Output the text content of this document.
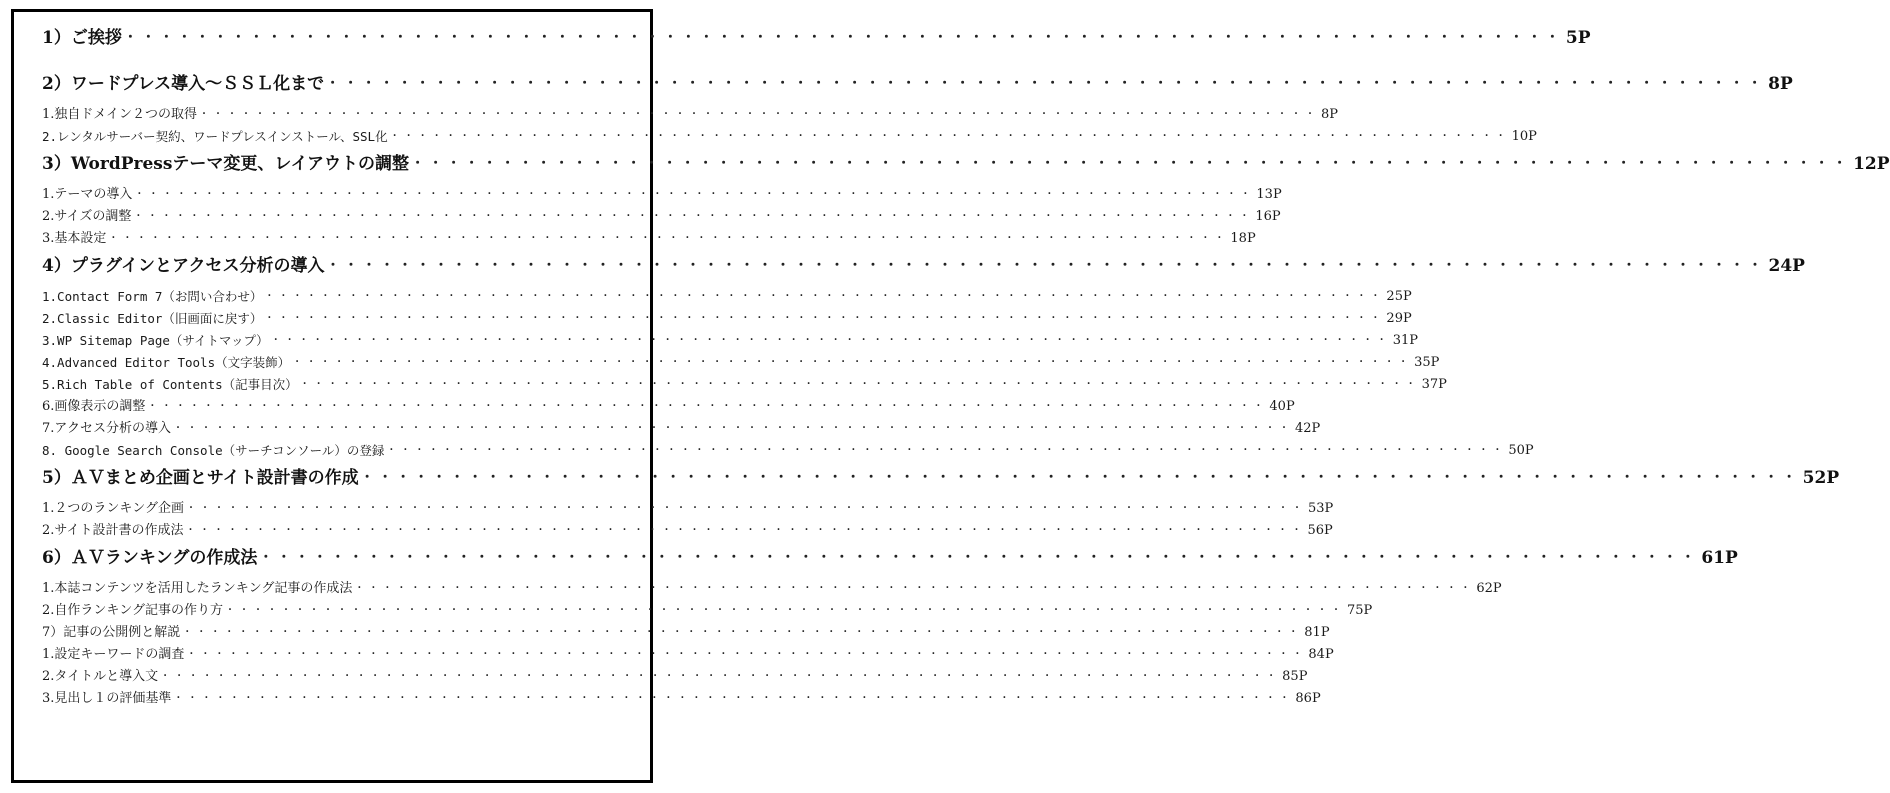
1）ご挨拶 ・・・・・・・・・・・・・・・・・・・・・・・・・・・・・・・・・・・・・・・・・・・・・・・・・・・・・・・・・・・・・・・・・・・・・・・・・・・・・・・・ 5P
2）ワードプレス導入～ＳＳＬ化まで ・・・・・・・・・・・・・・・・・・・・・・・・・・・・・・・・・・・・・・・・・・・・・・・・・・・・・・・・・・・・・・・・・・・・・・・・・・・・・・・・ 8P
1.独自ドメイン２つの取得 ・・・・・・・・・・・・・・・・・・・・・・・・・・・・・・・・・・・・・・・・・・・・・・・・・・・・・・・・・・・・・・・・・・・・・・・・・・・・・・・・ 8P
2.レンタルサーバー契約、ワードプレスインストール、SSL化 ・・・・・・・・・・・・・・・・・・・・・・・・・・・・・・・・・・・・・・・・・・・・・・・・・・・・・・・・・・・・・・・・・・・・・・・・・・・・・・・・ 10P
3）WordPressテーマ変更、レイアウトの調整 ・・・・・・・・・・・・・・・・・・・・・・・・・・・・・・・・・・・・・・・・・・・・・・・・・・・・・・・・・・・・・・・・・・・・・・・・・・・・・・・・ 12P
1.テーマの導入 ・・・・・・・・・・・・・・・・・・・・・・・・・・・・・・・・・・・・・・・・・・・・・・・・・・・・・・・・・・・・・・・・・・・・・・・・・・・・・・・・ 13P
2.サイズの調整 ・・・・・・・・・・・・・・・・・・・・・・・・・・・・・・・・・・・・・・・・・・・・・・・・・・・・・・・・・・・・・・・・・・・・・・・・・・・・・・・・ 16P
3.基本設定 ・・・・・・・・・・・・・・・・・・・・・・・・・・・・・・・・・・・・・・・・・・・・・・・・・・・・・・・・・・・・・・・・・・・・・・・・・・・・・・・・ 18P
4）プラグインとアクセス分析の導入 ・・・・・・・・・・・・・・・・・・・・・・・・・・・・・・・・・・・・・・・・・・・・・・・・・・・・・・・・・・・・・・・・・・・・・・・・・・・・・・・・ 24P
1.Contact Form 7（お問い合わせ） ・・・・・・・・・・・・・・・・・・・・・・・・・・・・・・・・・・・・・・・・・・・・・・・・・・・・・・・・・・・・・・・・・・・・・・・・・・・・・・・・ 25P
2.Classic Editor（旧画面に戻す） ・・・・・・・・・・・・・・・・・・・・・・・・・・・・・・・・・・・・・・・・・・・・・・・・・・・・・・・・・・・・・・・・・・・・・・・・・・・・・・・・ 29P
3.WP Sitemap Page（サイトマップ） ・・・・・・・・・・・・・・・・・・・・・・・・・・・・・・・・・・・・・・・・・・・・・・・・・・・・・・・・・・・・・・・・・・・・・・・・・・・・・・・・ 31P
4.Advanced Editor Tools（文字装飾） ・・・・・・・・・・・・・・・・・・・・・・・・・・・・・・・・・・・・・・・・・・・・・・・・・・・・・・・・・・・・・・・・・・・・・・・・・・・・・・・・ 35P
5.Rich Table of Contents（記事目次） ・・・・・・・・・・・・・・・・・・・・・・・・・・・・・・・・・・・・・・・・・・・・・・・・・・・・・・・・・・・・・・・・・・・・・・・・・・・・・・・・ 37P
6.画像表示の調整 ・・・・・・・・・・・・・・・・・・・・・・・・・・・・・・・・・・・・・・・・・・・・・・・・・・・・・・・・・・・・・・・・・・・・・・・・・・・・・・・・ 40P
7.アクセス分析の導入 ・・・・・・・・・・・・・・・・・・・・・・・・・・・・・・・・・・・・・・・・・・・・・・・・・・・・・・・・・・・・・・・・・・・・・・・・・・・・・・・・ 42P
8. Google Search Console（サーチコンソール）の登録 ・・・・・・・・・・・・・・・・・・・・・・・・・・・・・・・・・・・・・・・・・・・・・・・・・・・・・・・・・・・・・・・・・・・・・・・・・・・・・・・・ 50P
5）ＡＶまとめ企画とサイト設計書の作成 ・・・・・・・・・・・・・・・・・・・・・・・・・・・・・・・・・・・・・・・・・・・・・・・・・・・・・・・・・・・・・・・・・・・・・・・・・・・・・・・・ 52P
1.２つのランキング企画 ・・・・・・・・・・・・・・・・・・・・・・・・・・・・・・・・・・・・・・・・・・・・・・・・・・・・・・・・・・・・・・・・・・・・・・・・・・・・・・・・ 53P
2.サイト設計書の作成法 ・・・・・・・・・・・・・・・・・・・・・・・・・・・・・・・・・・・・・・・・・・・・・・・・・・・・・・・・・・・・・・・・・・・・・・・・・・・・・・・・ 56P
6）ＡＶランキングの作成法 ・・・・・・・・・・・・・・・・・・・・・・・・・・・・・・・・・・・・・・・・・・・・・・・・・・・・・・・・・・・・・・・・・・・・・・・・・・・・・・・・ 61P
1.本誌コンテンツを活用したランキング記事の作成法 ・・・・・・・・・・・・・・・・・・・・・・・・・・・・・・・・・・・・・・・・・・・・・・・・・・・・・・・・・・・・・・・・・・・・・・・・・・・・・・・・ 62P
2.自作ランキング記事の作り方 ・・・・・・・・・・・・・・・・・・・・・・・・・・・・・・・・・・・・・・・・・・・・・・・・・・・・・・・・・・・・・・・・・・・・・・・・・・・・・・・・ 75P
7）記事の公開例と解説 ・・・・・・・・・・・・・・・・・・・・・・・・・・・・・・・・・・・・・・・・・・・・・・・・・・・・・・・・・・・・・・・・・・・・・・・・・・・・・・・・ 81P
1.設定キーワードの調査 ・・・・・・・・・・・・・・・・・・・・・・・・・・・・・・・・・・・・・・・・・・・・・・・・・・・・・・・・・・・・・・・・・・・・・・・・・・・・・・・・ 84P
2.タイトルと導入文 ・・・・・・・・・・・・・・・・・・・・・・・・・・・・・・・・・・・・・・・・・・・・・・・・・・・・・・・・・・・・・・・・・・・・・・・・・・・・・・・・ 85P
3.見出し１の評価基準 ・・・・・・・・・・・・・・・・・・・・・・・・・・・・・・・・・・・・・・・・・・・・・・・・・・・・・・・・・・・・・・・・・・・・・・・・・・・・・・・・ 86P
